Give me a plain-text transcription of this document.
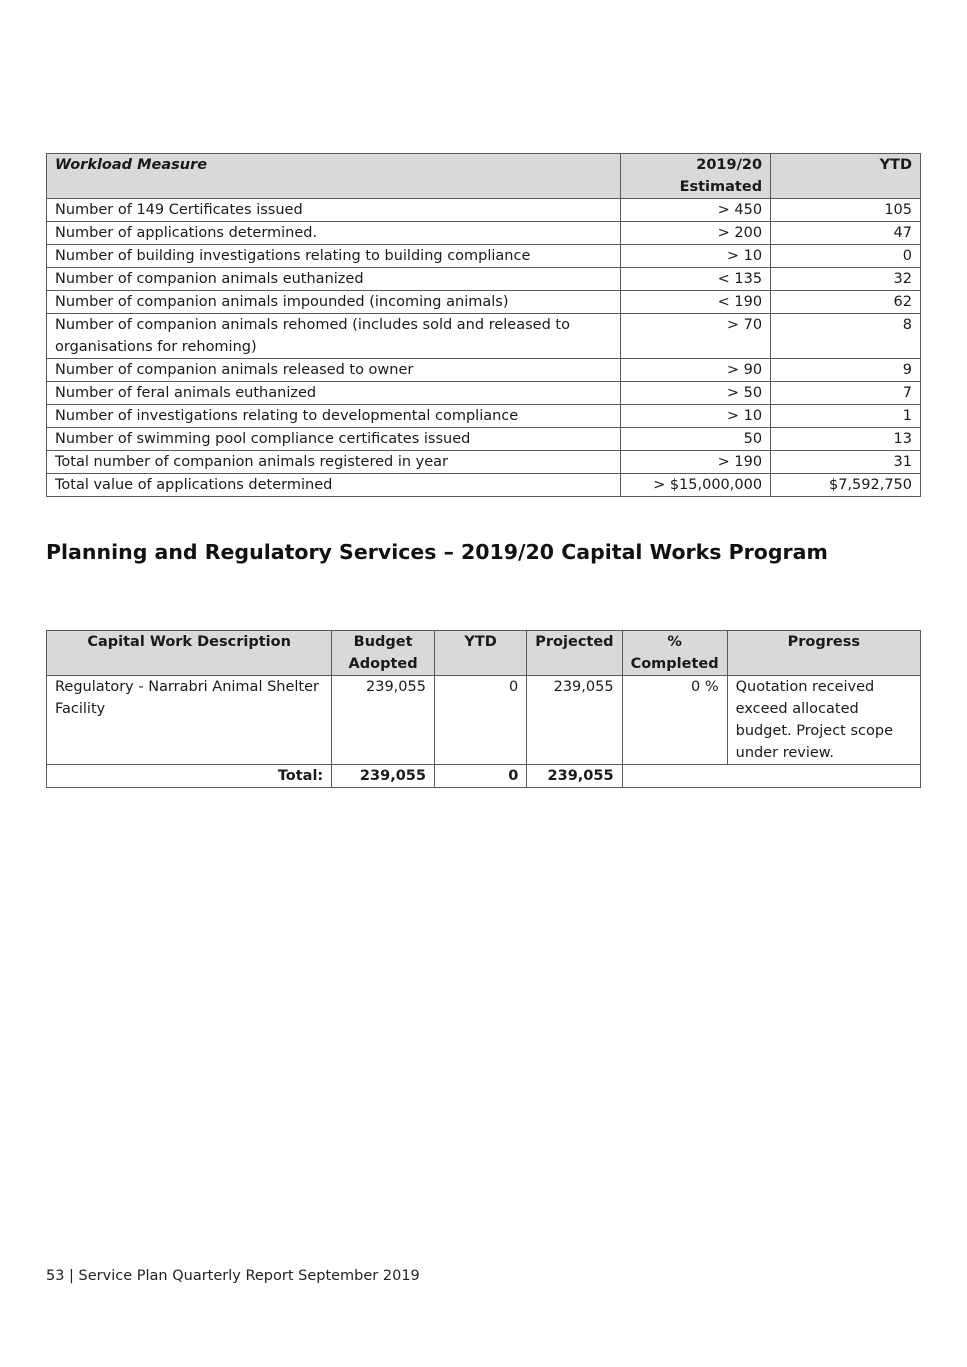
Workload Measure	2019/20 Estimated	YTD
Number of 149 Certificates issued	> 450	105
Number of applications determined.	> 200	47
Number of building investigations relating to building compliance	> 10	0
Number of companion animals euthanized	< 135	32
Number of companion animals impounded (incoming animals)	< 190	62
Number of companion animals rehomed (includes sold and released to organisations for rehoming)	> 70	8
Number of companion animals released to owner	> 90	9
Number of feral animals euthanized	> 50	7
Number of investigations relating to developmental compliance	> 10	1
Number of swimming pool compliance certificates issued	50	13
Total number of companion animals registered in year	> 190	31
Total value of applications determined	> $15,000,000	$7,592,750
Planning and Regulatory Services – 2019/20 Capital Works Program
Capital Work Description	Budget Adopted	YTD	Projected	% Completed	Progress
Regulatory - Narrabri Animal Shelter Facility	239,055	0	239,055	0 %	Quotation received exceed allocated budget. Project scope under review.
Total:	239,055	0	239,055		
53 | Service Plan Quarterly Report September 2019
